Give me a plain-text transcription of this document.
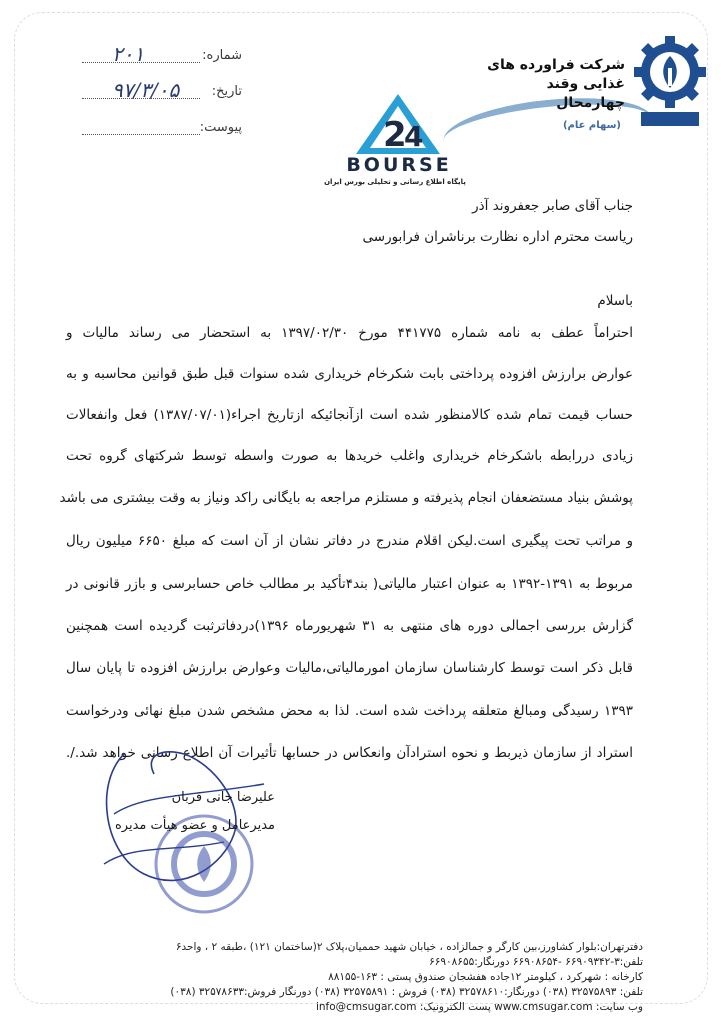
شرکت فراورده های
غذایی وقند
چهارمحال
(سهام عام)
2
4
BOURSE
پایگاه اطلاع رسانی و تحلیلی بورس ایران
شماره:
۲۰۱
تاریخ:
۹۷/۳/۰۵
پیوست:
جناب آقای صابر جعفروند آذر
ریاست محترم اداره نظارت برناشران فرابورسی
باسلام
احتراماً عطف به نامه شماره ۴۴۱۷۷۵ مورخ ۱۳۹۷/۰۲/۳۰ به استحضار می رساند مالیات و
عوارض برارزش افزوده پرداختی بابت شکرخام خریداری شده سنوات قبل طبق قوانین محاسبه و به
حساب قیمت تمام شده کالامنظور شده است ازآنجائیکه ازتاریخ اجراء(۱۳۸۷/۰۷/۰۱) فعل وانفعالات
زیادی دررابطه باشکرخام خریداری واغلب خریدها به صورت واسطه توسط شرکتهای گروه تحت
پوشش بنیاد مستضعفان انجام پذیرفته و مستلزم مراجعه به بایگانی راکد ونیاز به وقت بیشتری می باشد
و مراتب تحت پیگیری است.لیکن اقلام مندرج در دفاتر نشان از آن است که مبلغ ۶۶۵۰ میلیون ریال
مربوط به ۱۳۹۱-۱۳۹۲ به عنوان اعتبار مالیاتی( بند۴تأکید بر مطالب خاص حسابرسی و بازر قانونی در
گزارش بررسی اجمالی دوره های منتهی به ۳۱ شهریورماه ۱۳۹۶)دردفاترثبت گردیده است همچنین
قابل ذکر است توسط کارشناسان سازمان امورمالیاتی،مالیات وعوارض برارزش افزوده تا پایان سال
۱۳۹۳ رسیدگی ومبالغ متعلقه پرداخت شده است. لذا به محض مشخص شدن مبلغ نهائی ودرخواست
استراد از سازمان ذیربط و نحوه استرادآن وانعکاس در حسابها تأثیرات آن اطلاع رسانی خواهد شد./.
علیرضا جانی قربان
مدیرعامل و عضو هیأت مدیره
دفترتهران:بلوار کشاورز،بین کارگر و جمالزاده ، خیابان شهید حممیان،پلاک ۲(ساختمان ۱۲۱) ،طبقه ۲ ، واحد۶
تلفن:۳-۶۶۹۰۹۳۴۲ -۶۶۹۰۸۶۵۴ دورنگار:۶۶۹۰۸۶۵۵
کارخانه : شهرکرد ، کیلومتر ۱۲جاده هفشجان صندوق پستی : ۱۶۳-۸۸۱۵۵
تلفن: ۳۲۵۷۵۸۹۳ (۰۳۸) دورنگار:۳۲۵۷۸۶۱۰ (۰۳۸) فروش : ۳۲۵۷۵۸۹۱ (۰۳۸) دورنگار فروش:۳۲۵۷۸۶۳۳ (۰۳۸)
وب سایت: www.cmsugar.com پست الکترونیک: info@cmsugar.com
